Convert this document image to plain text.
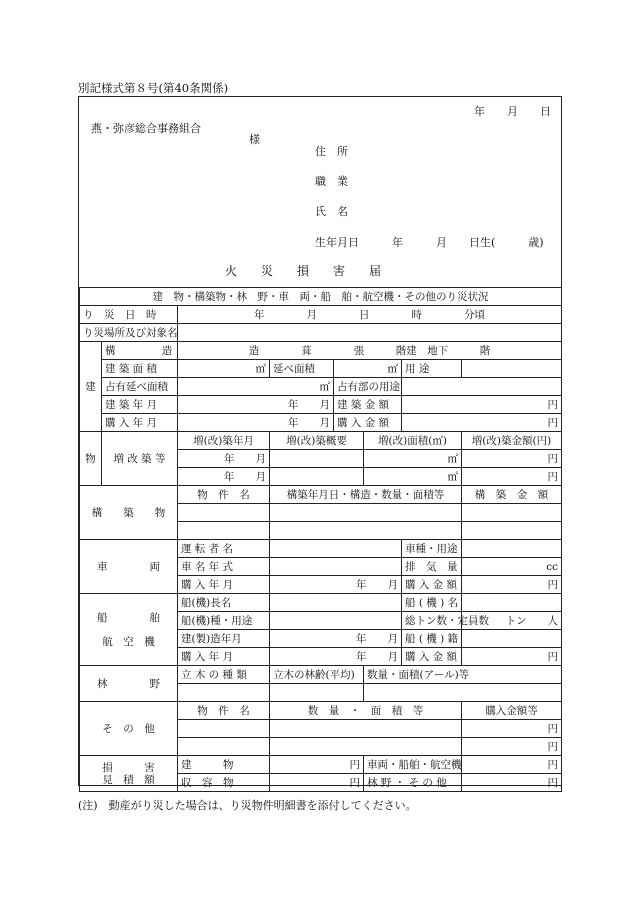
別記様式第８号(第40条関係)
年　　月　　日
燕・弥彦総合事務組合
様
住　所
職　業
氏　名
生年月日　　　年　　　月　　日生(　　　歳)
火　　災　　損　　害　　届
建　物・構築物・林　野・車　両・船　舶・航空機・その他のり災状況							
り　災　日　時		年　　　　月　　　　日　　　　時　　　　分頃					
り災場所及び対象名							
建	構　　　造	造　　　　葺　　　　張　　　階建　地下　　　階					
	建 築 面 積	㎡	延べ面積	㎡		用 途	
	占有延べ面積	㎡		占有部の用途			
	建 築 年 月	年　　月		建 築 金 額		円	
	購 入 年 月	年　　月		購 入 金 額		円	
物	増 改 築 等	増(改)築年月	増(改)築概要		増(改)面積(㎡)		増(改)築金額(円)
		年　　月			㎡		円
		年　　月			㎡		円
構　　築　　物		物　件　名	構築年月日・構造・数量・面積等				構　築　金　額

車　　　　両		運 転 者 名				車種・用途	
		車 名 年 式				排　気　量	cc
		購 入 年 月	年　　月			購 入 金 額	円
船　　　　舶

航　空　機		船(機)長名				船 ( 機 ) 名	
		船(機)種・用途				総トン数・定員数	トン　　人
		建(製)造年月	年　　月			船 ( 機 ) 籍	
		購 入 年 月	年　　月			購 入 金 額	円
林　　　　野		立 木 の 種 類	立木の林齢(平均)		数量・面積(アール)等		

そ　の　他		物　件　名	数　量　・　面　積　等				購入金額等
							円
							円
損　　　害
見　積　額		建　　　物	円		車両・船舶・航空機		円
		収　容　物	円		林 野 ・ そ の 他		円
(注)　動産がり災した場合は、り災物件明細書を添付してください。
